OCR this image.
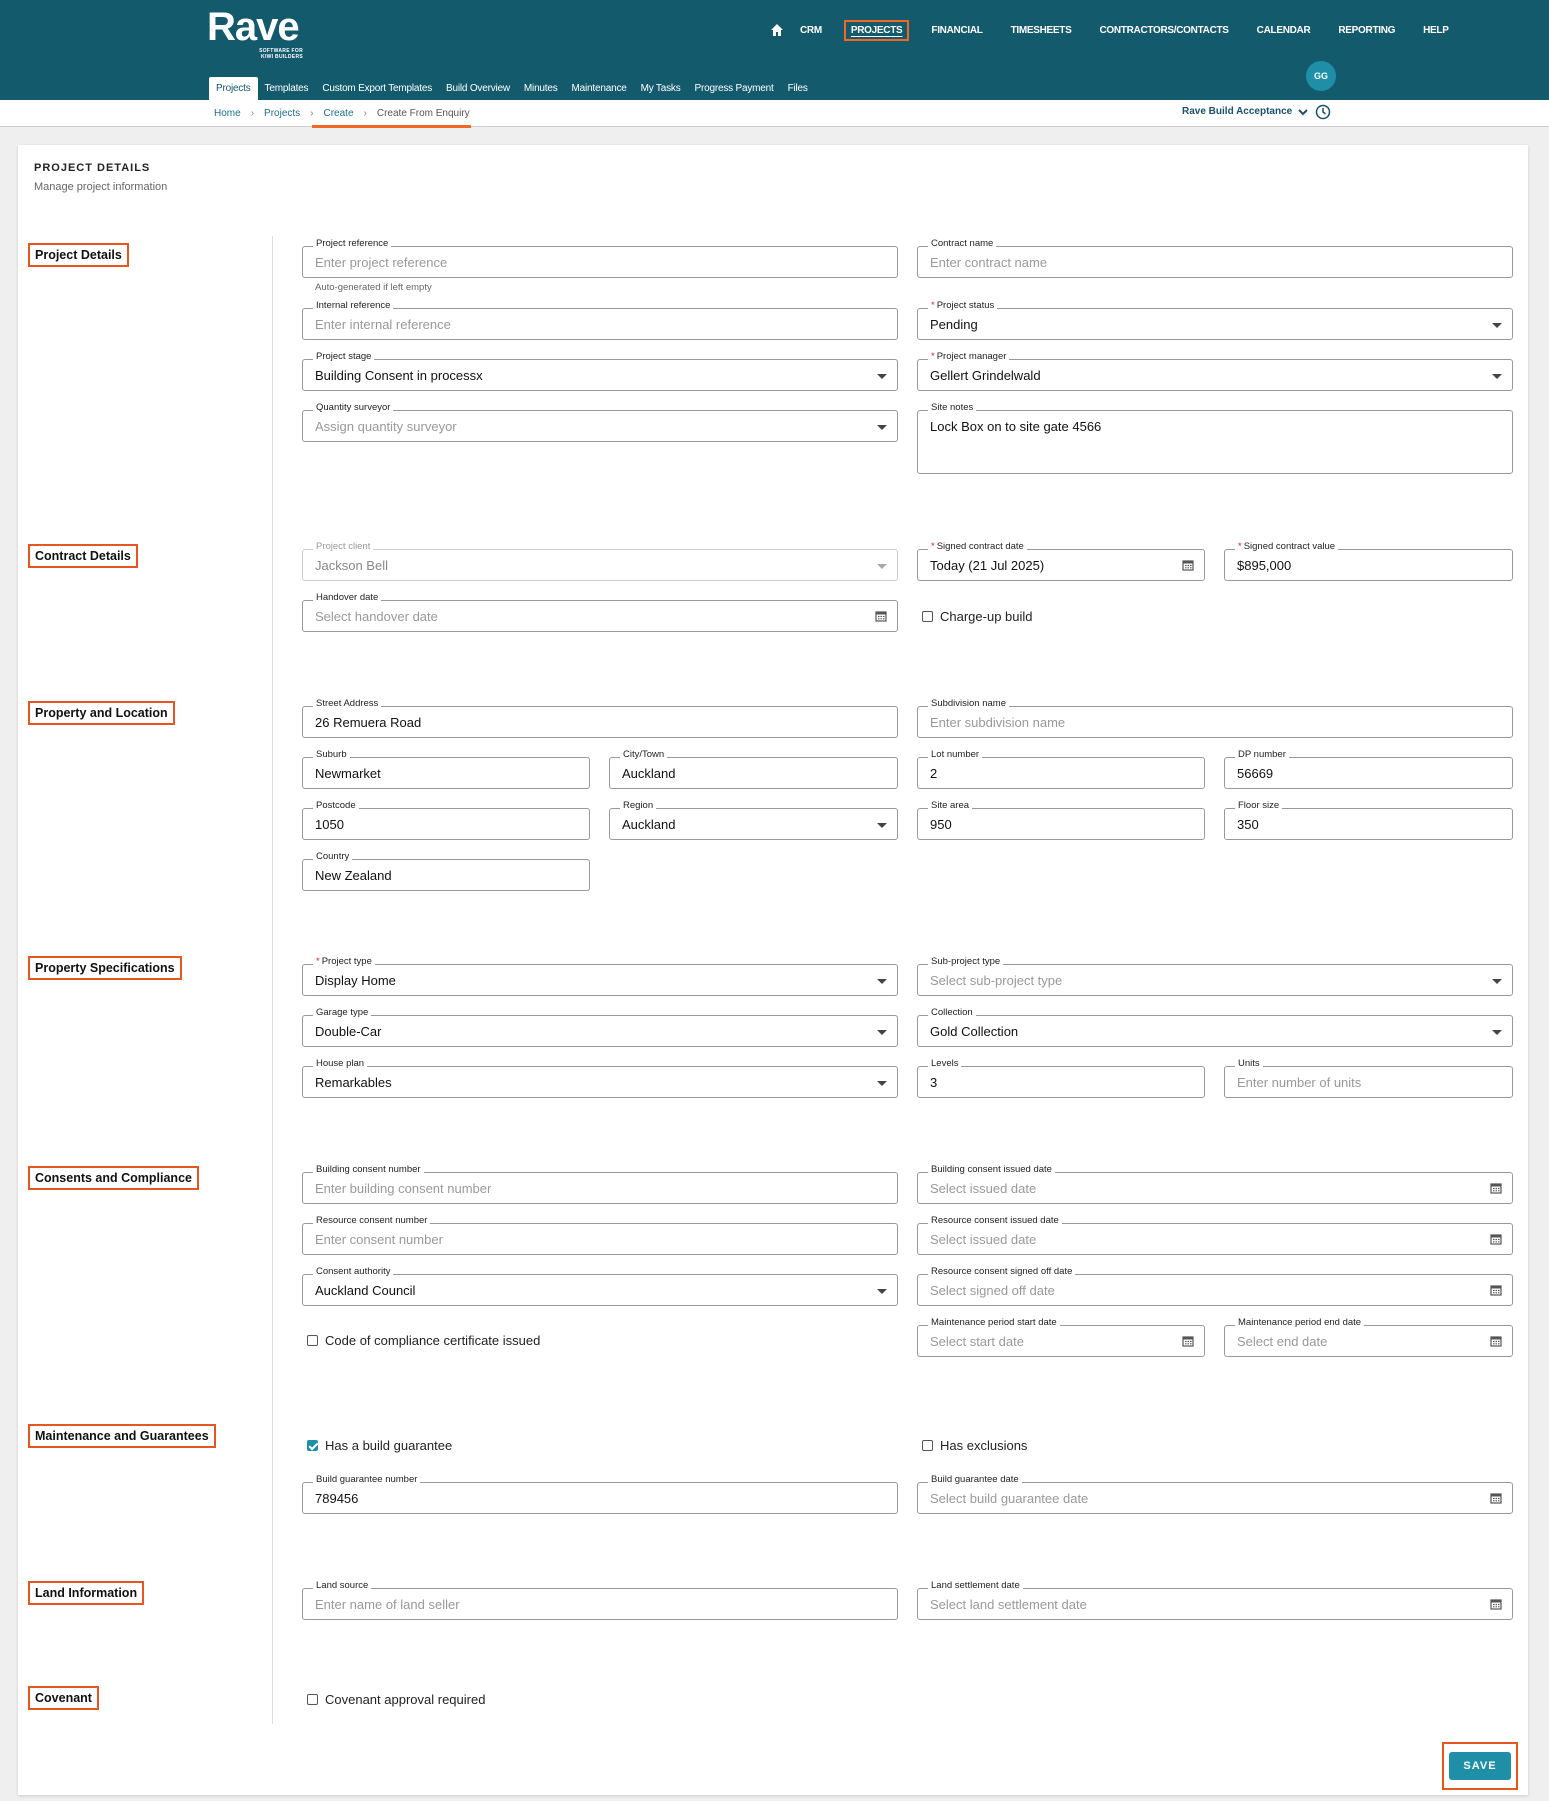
Rave
SOFTWARE FOR
KIWI BUILDERS
CRM	PROJECTS	FINANCIAL	TIMESHEETS	CONTRACTORS/CONTACTS	CALENDAR	REPORTING	HELP
Projects	Templates	Custom Export Templates	Build Overview	Minutes	Maintenance	My Tasks	Progress Payment	Files
GG
Home › Projects › Create › Create From Enquiry	Rave Build Acceptance
PROJECT DETAILS
Manage project information
Project Details
Contract Details
Property and Location
Property Specifications
Consents and Compliance
Maintenance and Guarantees
Land Information
Covenant
Project reference
Enter project reference
Auto-generated if left empty
Contract name
Enter contract name
Internal reference
Enter internal reference
* Project status
Pending
Project stage
Building Consent in processx
* Project manager
Gellert Grindelwald
Quantity surveyor
Assign quantity surveyor
Site notes
Lock Box on to site gate 4566
Project client
Jackson Bell
* Signed contract date
Today (21 Jul 2025)
* Signed contract value
$895,000
Handover date
Select handover date	Charge-up build
Street Address
26 Remuera Road
Subdivision name
Enter subdivision name
Suburb
Newmarket
City/Town
Auckland
Lot number
2
DP number
56669
Postcode
1050
Region
Auckland
Site area
950
Floor size
350
Country
New Zealand
* Project type
Display Home
Sub-project type
Select sub-project type
Garage type
Double-Car
Collection
Gold Collection
House plan
Remarkables
Levels
3
Units
Enter number of units
Building consent number
Enter building consent number
Building consent issued date
Select issued date
Resource consent number
Enter consent number
Resource consent issued date
Select issued date
Consent authority
Auckland Council
Resource consent signed off date
Select signed off date
Code of compliance certificate issued
Maintenance period start date
Select start date
Maintenance period end date
Select end date
Has a build guarantee	Has exclusions
Build guarantee number
789456
Build guarantee date
Select build guarantee date
Land source
Enter name of land seller
Land settlement date
Select land settlement date
Covenant approval required
SAVE
